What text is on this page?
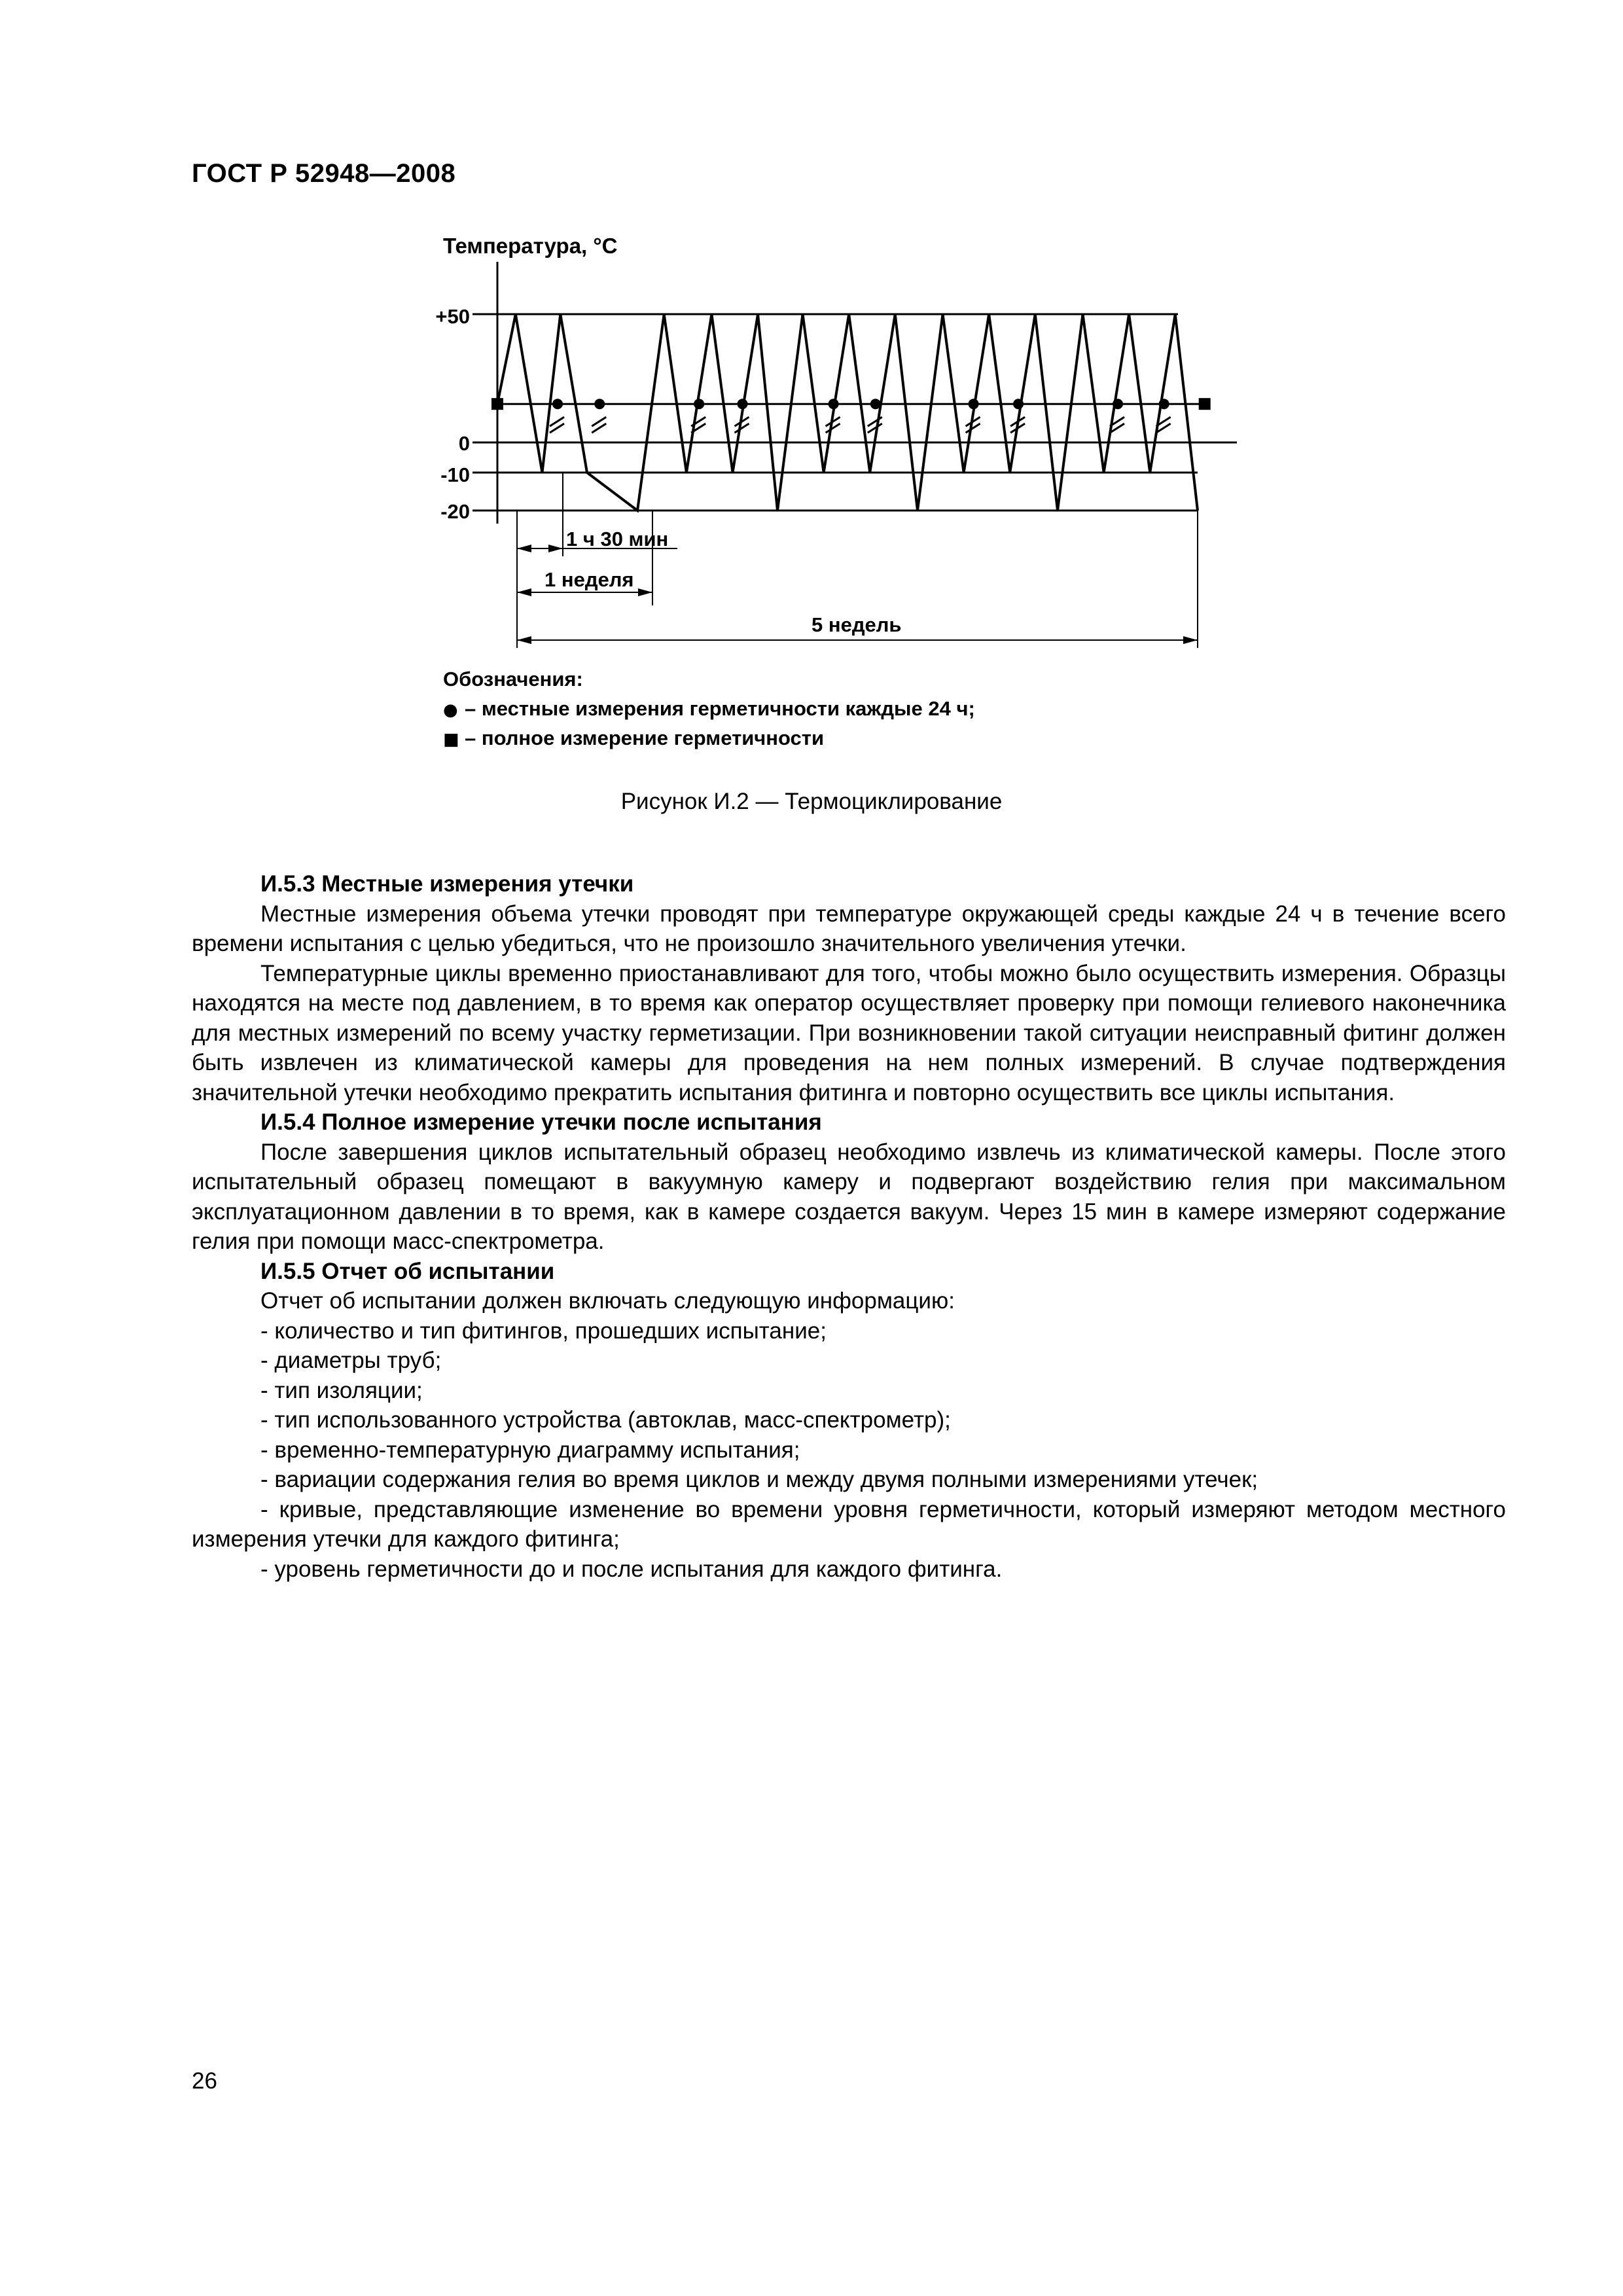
ГОСТ Р 52948—2008
Температура, °С
+50
0
-10
-20
1 ч 30 мин
1 неделя
5 недель
Обозначения:
● – местные измерения герметичности каждые 24 ч;
■ – полное измерение герметичности
Рисунок И.2 — Термоциклирование

И.5.3 Местные измерения утечки

Местные измерения объема утечки проводят при температуре окружающей среды каждые 24 ч в течение всего времени испытания с целью убедиться, что не произошло значительного увеличения утечки.

Температурные циклы временно приостанавливают для того, чтобы можно было осуществить измерения. Образцы находятся на месте под давлением, в то время как оператор осуществляет проверку при помощи гелиевого наконечника для местных измерений по всему участку герметизации. При возникновении такой ситуации неисправный фитинг должен быть извлечен из климатической камеры для проведения на нем полных измерений. В случае подтверждения значительной утечки необходимо прекратить испытания фитинга и повторно осуществить все циклы испытания.

И.5.4 Полное измерение утечки после испытания

После завершения циклов испытательный образец необходимо извлечь из климатической камеры. После этого испытательный образец помещают в вакуумную камеру и подвергают воздействию гелия при максимальном эксплуатационном давлении в то время, как в камере создается вакуум. Через 15 мин в камере измеряют содержание гелия при помощи масс-спектрометра.

И.5.5 Отчет об испытании

Отчет об испытании должен включать следующую информацию:

- количество и тип фитингов, прошедших испытание;

- диаметры труб;

- тип изоляции;

- тип использованного устройства (автоклав, масс-спектрометр);

- временно-температурную диаграмму испытания;

- вариации содержания гелия во время циклов и между двумя полными измерениями утечек;

- кривые, представляющие изменение во времени уровня герметичности, который измеряют методом местного измерения утечки для каждого фитинга;

- уровень герметичности до и после испытания для каждого фитинга.

26
